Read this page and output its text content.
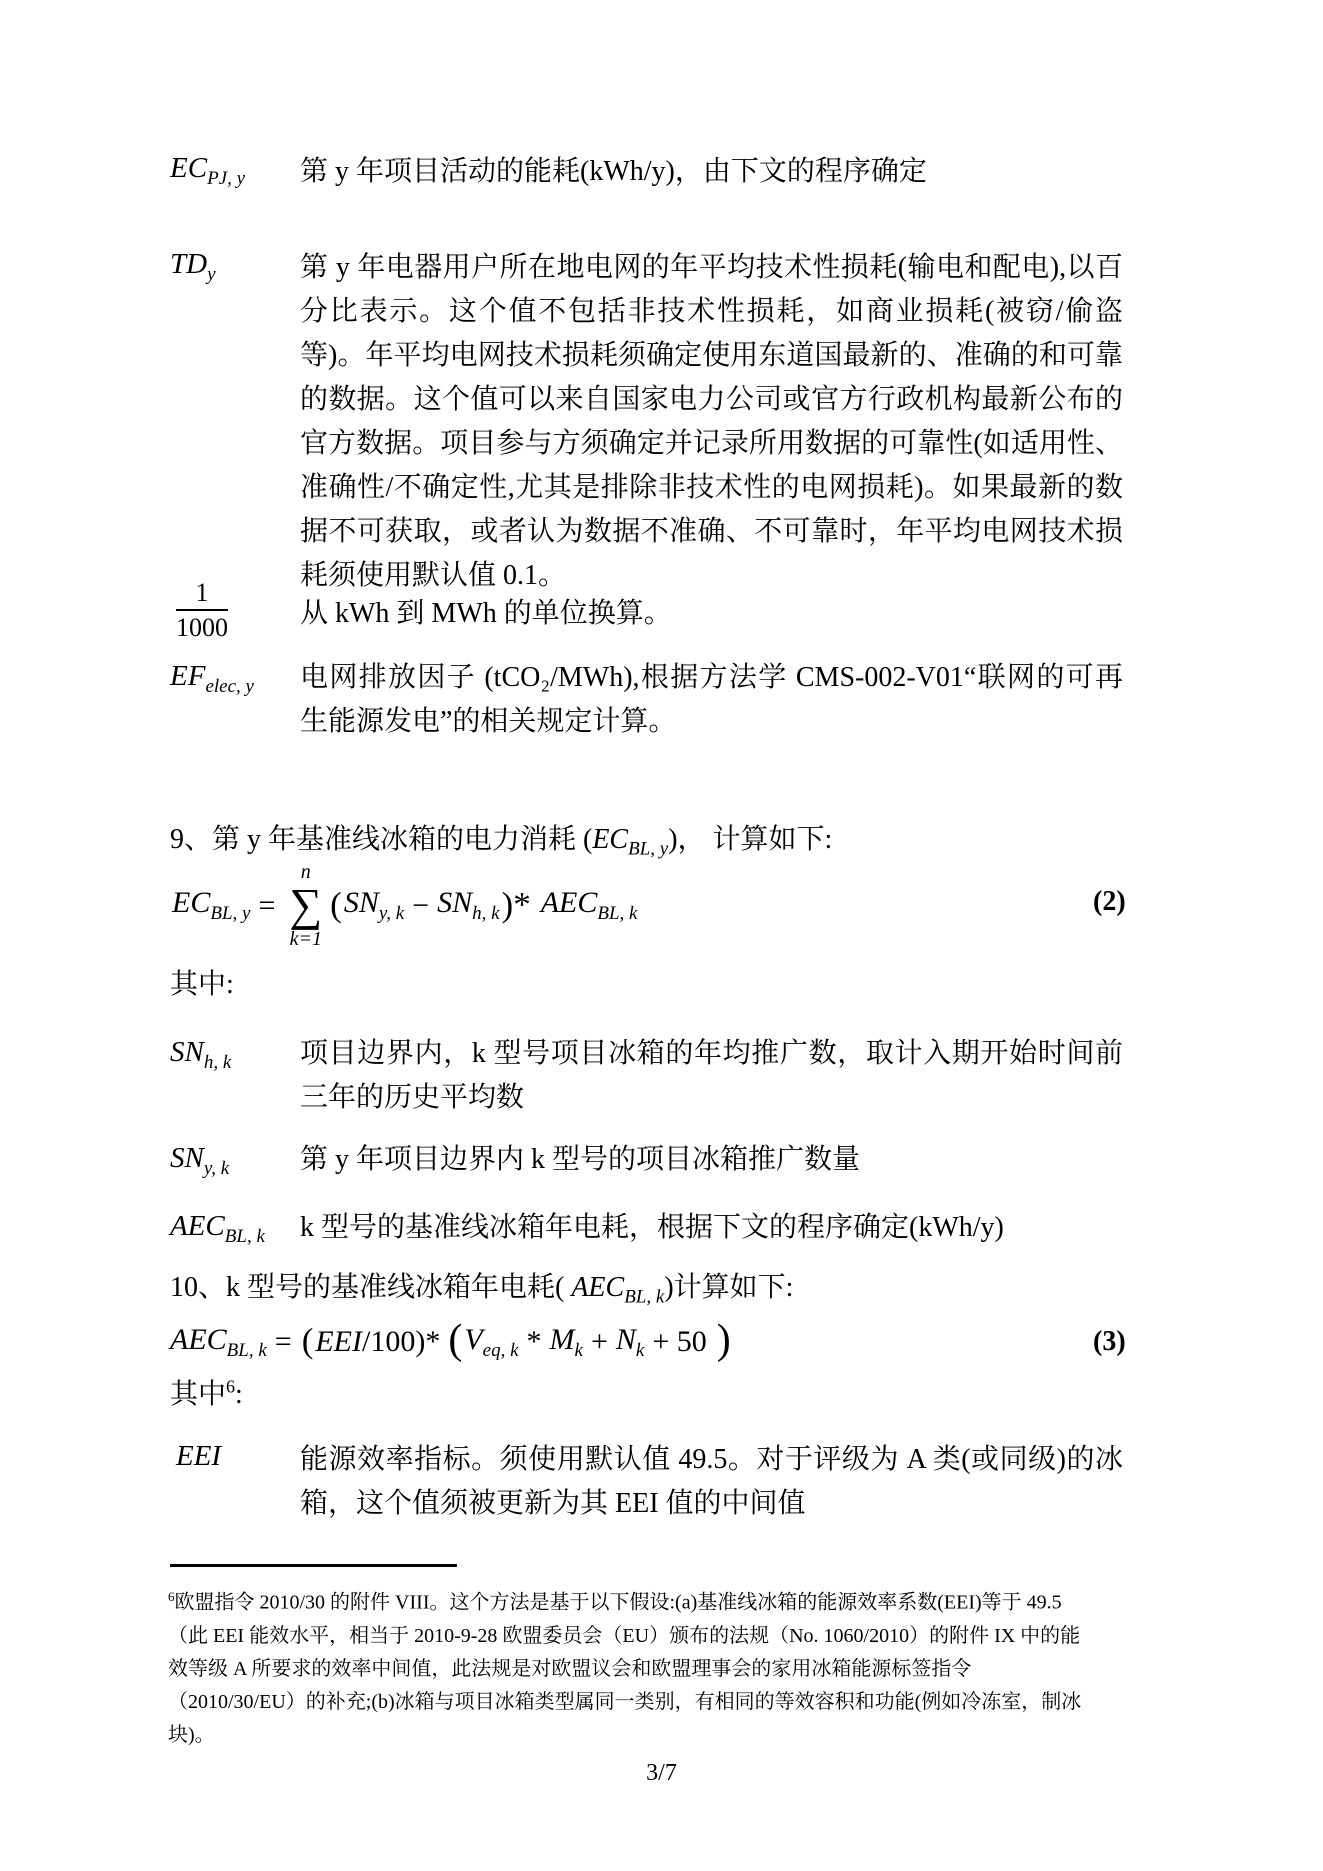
$EC_{PJ, y}$ 第 y 年项目活动的能耗(kWh/y)，由下文的程序确定
$TD_y$	第 y 年电器用户所在地电网的年平均技术性损耗(输电和配电),以百分比表示。这个值不包括非技术性损耗，如商业损耗(被窃/偷盗等)。年平均电网技术损耗须确定使用东道国最新的、准确的和可靠的数据。这个值可以来自国家电力公司或官方行政机构最新公布的官方数据。项目参与方须确定并记录所用数据的可靠性(如适用性、准确性/不确定性,尤其是排除非技术性的电网损耗)。如果最新的数据不可获取，或者认为数据不准确、不可靠时，年平均电网技术损耗须使用默认值 0.1。
$\frac{1}{1000}$	从 kWh 到 MWh 的单位换算。
$EF_{elec, y}$ 电网排放因子 (tCO₂/MWh),根据方法学 CMS-002-V01“联网的可再生能源发电”的相关规定计算。
9、第 y 年基准线冰箱的电力消耗 $(EC_{BL, y})$， 计算如下:
$EC_{BL, y}$ =
n
∑
k=1
( $SN_{y, k} - SN_{h, k}$ )* $AEC_{BL, k}$	(2)
其中:
$SN_{h, k}$ 项目边界内，k 型号项目冰箱的年均推广数，取计入期开始时间前三年的历史平均数
$SN_{y, k}$	第 y 年项目边界内 k 型号的项目冰箱推广数量
$AEC_{BL, k}$ k 型号的基准线冰箱年电耗，根据下文的程序确定(kWh/y)
10、k 型号的基准线冰箱年电耗( $AEC_{BL, k}$)计算如下:
$AEC_{BL, k}$ = ( EEI /100)* ( $V_{eq, k} * M_k + N_k + 50$ )	(3)
其中$^6$:
EEI	能源效率指标。须使用默认值 49.5。对于评级为 A 类(或同级)的冰箱，这个值须被更新为其 EEI 值的中间值
$^6$欧盟指令 2010/30 的附件 VIII。这个方法是基于以下假设:(a)基准线冰箱的能源效率系数(EEI)等于 49.5
（此 EEI 能效水平，相当于 2010-9-28 欧盟委员会（EU）颁布的法规（No. 1060/2010）的附件 IX 中的能
效等级 A 所要求的效率中间值，此法规是对欧盟议会和欧盟理事会的家用冰箱能源标签指令
（2010/30/EU）的补充;(b)冰箱与项目冰箱类型属同一类别，有相同的等效容积和功能(例如冷冻室，制冰
块)。
3/7
